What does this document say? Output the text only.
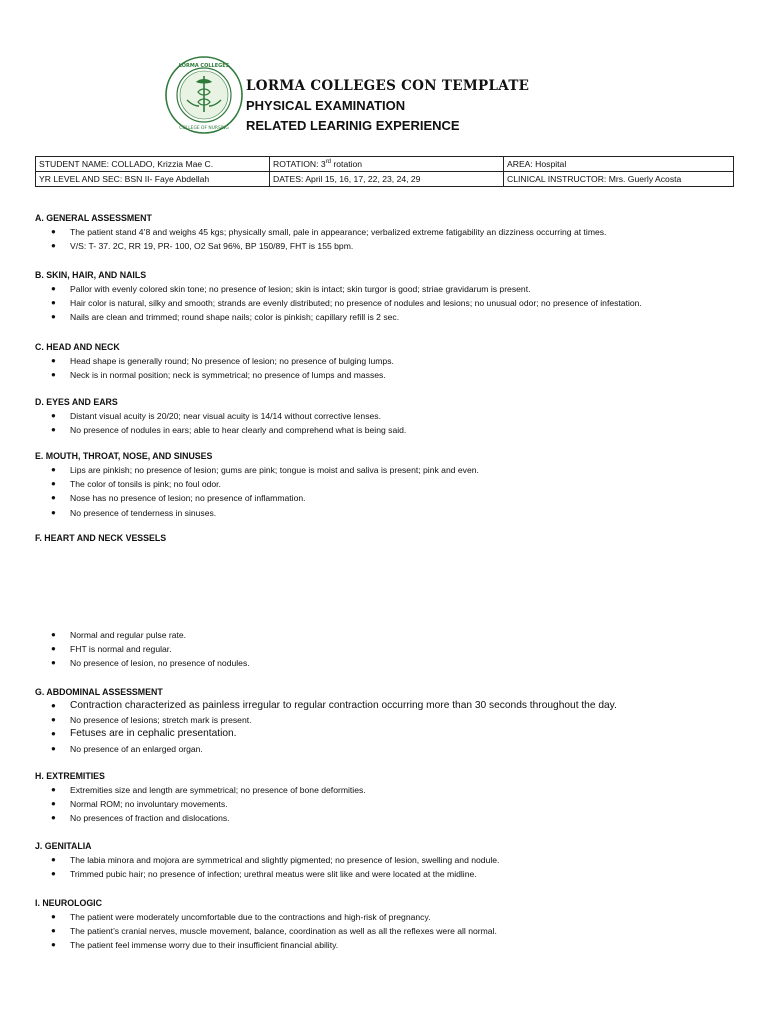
LORMA COLLEGES
COLLEGE OF NURSING
LORMA COLLEGES CON TEMPLATE
PHYSICAL EXAMINATION
RELATED LEARINIG EXPERIENCE
STUDENT NAME: COLLADO, Krizzia Mae C.	ROTATION: 3rd rotation	AREA: Hospital
YR LEVEL AND SEC: BSN II- Faye Abdellah	DATES: April 15, 16, 17, 22, 23, 24, 29	CLINICAL INSTRUCTOR: Mrs. Guerly Acosta
A. GENERAL ASSESSMENT
● The patient stand 4’8 and weighs 45 kgs; physically small, pale in appearance; verbalized extreme fatigability an dizziness occurring at times.
● V/S: T- 37. 2C, RR 19, PR- 100, O2 Sat 96%, BP 150/89, FHT is 155 bpm.
B. SKIN, HAIR, AND NAILS
● Pallor with evenly colored skin tone; no presence of lesion; skin is intact; skin turgor is good; striae gravidarum is present.
● Hair color is natural, silky and smooth; strands are evenly distributed; no presence of nodules and lesions; no unusual odor; no presence of infestation.
● Nails are clean and trimmed; round shape nails; color is pinkish; capillary refill is 2 sec.
C. HEAD AND NECK
● Head shape is generally round; No presence of lesion; no presence of bulging lumps.
● Neck is in normal position; neck is symmetrical; no presence of lumps and masses.
D. EYES AND EARS
● Distant visual acuity is 20/20; near visual acuity is 14/14 without corrective lenses.
● No presence of nodules in ears; able to hear clearly and comprehend what is being said.
E. MOUTH, THROAT, NOSE, AND SINUSES
● Lips are pinkish; no presence of lesion; gums are pink; tongue is moist and saliva is present; pink and even.
● The color of tonsils is pink; no foul odor.
● Nose has no presence of lesion; no presence of inflammation.
● No presence of tenderness in sinuses.
F. HEART AND NECK VESSELS
● Normal and regular pulse rate.
● FHT is normal and regular.
● No presence of lesion, no presence of nodules.
G. ABDOMINAL ASSESSMENT
● Contraction characterized as painless irregular to regular contraction occurring more than 30 seconds throughout the day.
● No presence of lesions; stretch mark is present.
● Fetuses are in cephalic presentation.
● No presence of an enlarged organ.
H. EXTREMITIES
● Extremities size and length are symmetrical; no presence of bone deformities.
● Normal ROM; no involuntary movements.
● No presences of fraction and dislocations.
J. GENITALIA
● The labia minora and mojora are symmetrical and slightly pigmented; no presence of lesion, swelling and nodule.
● Trimmed pubic hair; no presence of infection; urethral meatus were slit like and were located at the midline.
I. NEUROLOGIC
● The patient were moderately uncomfortable due to the contractions and high-risk of pregnancy.
● The patient’s cranial nerves, muscle movement, balance, coordination as well as all the reflexes were all normal.
● The patient feel immense worry due to their insufficient financial ability.
